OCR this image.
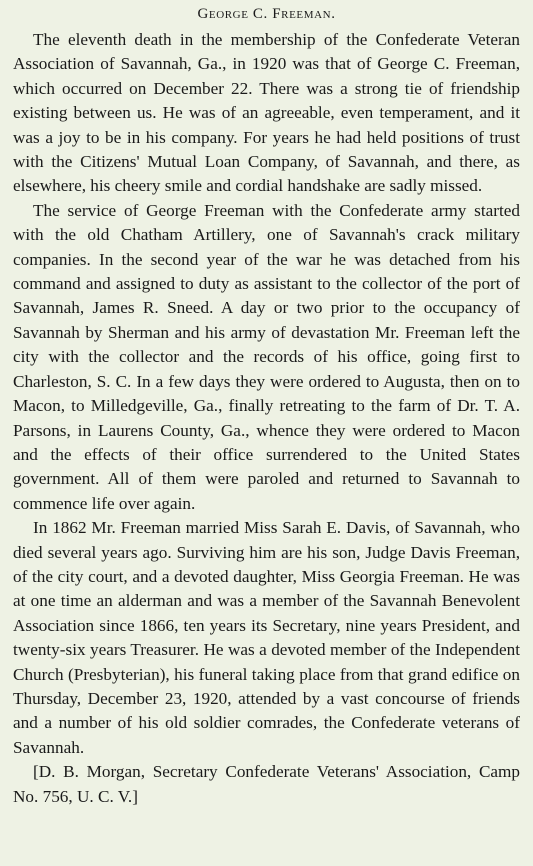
George C. Freeman.

The eleventh death in the membership of the Confederate Veteran Association of Savannah, Ga., in 1920 was that of George C. Freeman, which occurred on December 22. There was a strong tie of friendship existing between us. He was of an agreeable, even temperament, and it was a joy to be in his company. For years he had held positions of trust with the Citizens' Mutual Loan Company, of Savannah, and there, as elsewhere, his cheery smile and cordial handshake are sadly missed.

The service of George Freeman with the Confederate army started with the old Chatham Artillery, one of Savannah's crack military companies. In the second year of the war he was detached from his command and assigned to duty as assistant to the collector of the port of Savannah, James R. Sneed. A day or two prior to the occupancy of Savannah by Sherman and his army of devastation Mr. Freeman left the city with the collector and the records of his office, going first to Charleston, S. C. In a few days they were ordered to Augusta, then on to Macon, to Milledgeville, Ga., finally retreating to the farm of Dr. T. A. Parsons, in Laurens County, Ga., whence they were ordered to Macon and the effects of their office surrendered to the United States government. All of them were paroled and returned to Savannah to commence life over again.

In 1862 Mr. Freeman married Miss Sarah E. Davis, of Savannah, who died several years ago. Surviving him are his son, Judge Davis Freeman, of the city court, and a devoted daughter, Miss Georgia Freeman. He was at one time an alderman and was a member of the Savannah Benevolent Association since 1866, ten years its Secretary, nine years President, and twenty-six years Treasurer. He was a devoted member of the Independent Church (Presbyterian), his funeral taking place from that grand edifice on Thursday, December 23, 1920, attended by a vast concourse of friends and a number of his old soldier comrades, the Confederate veterans of Savannah.

[D. B. Morgan, Secretary Confederate Veterans' Association, Camp No. 756, U. C. V.]
